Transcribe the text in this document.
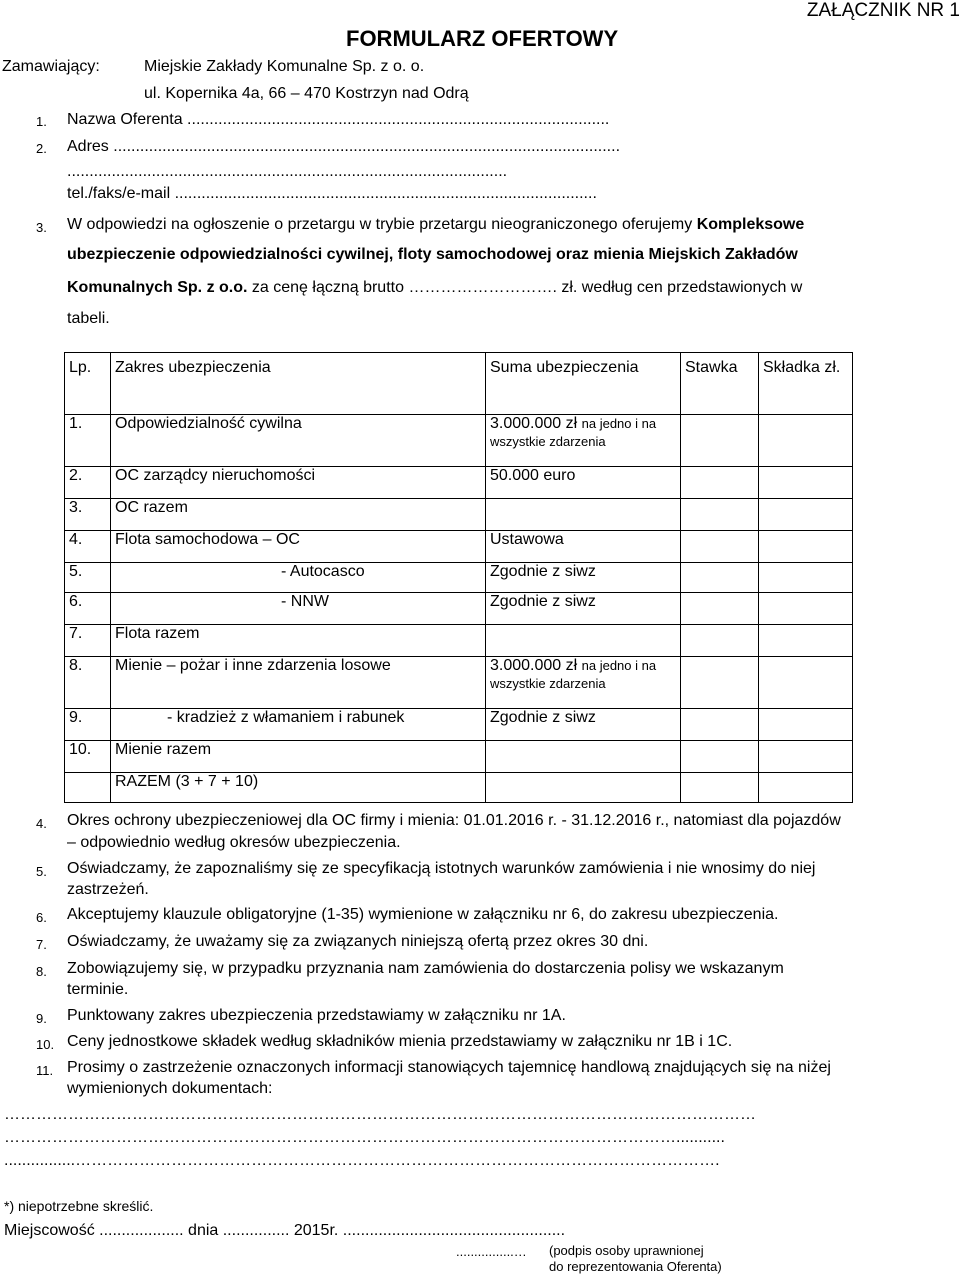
ZAŁĄCZNIK NR 1
FORMULARZ OFERTOWY
Zamawiający:	Miejskie Zakłady Komunalne Sp. z o. o.
ul. Kopernika 4a, 66 – 470 Kostrzyn nad Odrą
1. Nazwa Oferenta ...............................................................................................
2. Adres ..................................................................................................................
...................................................................................................
tel./faks/e-mail ...............................................................................................
3. W odpowiedzi na ogłoszenie o przetargu w trybie przetargu nieograniczonego oferujemy Kompleksowe
ubezpieczenie odpowiedzialności cywilnej, floty samochodowej oraz mienia Miejskich Zakładów
Komunalnych Sp. z o.o. za cenę łączną brutto ………………………. zł. według cen przedstawionych w
tabeli.
Lp.	Zakres ubezpieczenia	Suma ubezpieczenia	Stawka	Składka zł.
1.	Odpowiedzialność cywilna	3.000.000 zł na jedno i na wszystkie zdarzenia		
2.	OC zarządcy nieruchomości	50.000 euro		
3.	OC razem			
4.	Flota samochodowa – OC	Ustawowa		
5.	- Autocasco	Zgodnie z siwz		
6.	- NNW	Zgodnie z siwz		
7.	Flota razem			
8.	Mienie – pożar i inne zdarzenia losowe	3.000.000 zł na jedno i na wszystkie zdarzenia		
9.	- kradzież z włamaniem i rabunek	Zgodnie z siwz		
10.	Mienie razem			
	RAZEM (3 + 7 + 10)			
4. Okres ochrony ubezpieczeniowej dla OC firmy i mienia: 01.01.2016 r. - 31.12.2016 r., natomiast dla pojazdów
– odpowiednio według okresów ubezpieczenia.
5. Oświadczamy, że zapoznaliśmy się ze specyfikacją istotnych warunków zamówienia i nie wnosimy do niej
zastrzeżeń.
6. Akceptujemy klauzule obligatoryjne (1-35) wymienione w załączniku nr 6, do zakresu ubezpieczenia.
7. Oświadczamy, że uważamy się za związanych niniejszą ofertą przez okres 30 dni.
8. Zobowiązujemy się, w przypadku przyznania nam zamówienia do dostarczenia polisy we wskazanym
terminie.
9. Punktowany zakres ubezpieczenia przedstawiamy w załączniku nr 1A.
10. Ceny jednostkowe składek według składników mienia przedstawiamy w załączniku nr 1B i 1C.
11. Prosimy o zastrzeżenie oznaczonych informacji stanowiących tajemnicę handlową znajdujących się na niżej
wymienionych dokumentach:
……………………………………………………………………………………………………………………………
………………………………………………………………………………………………………………...........
................………………………………………………………………………………………………………….
*) niepotrzebne skreślić.
Miejscowość ................... dnia ............... 2015r. ..................................................
................… (podpis osoby uprawnionej
do reprezentowania Oferenta)
